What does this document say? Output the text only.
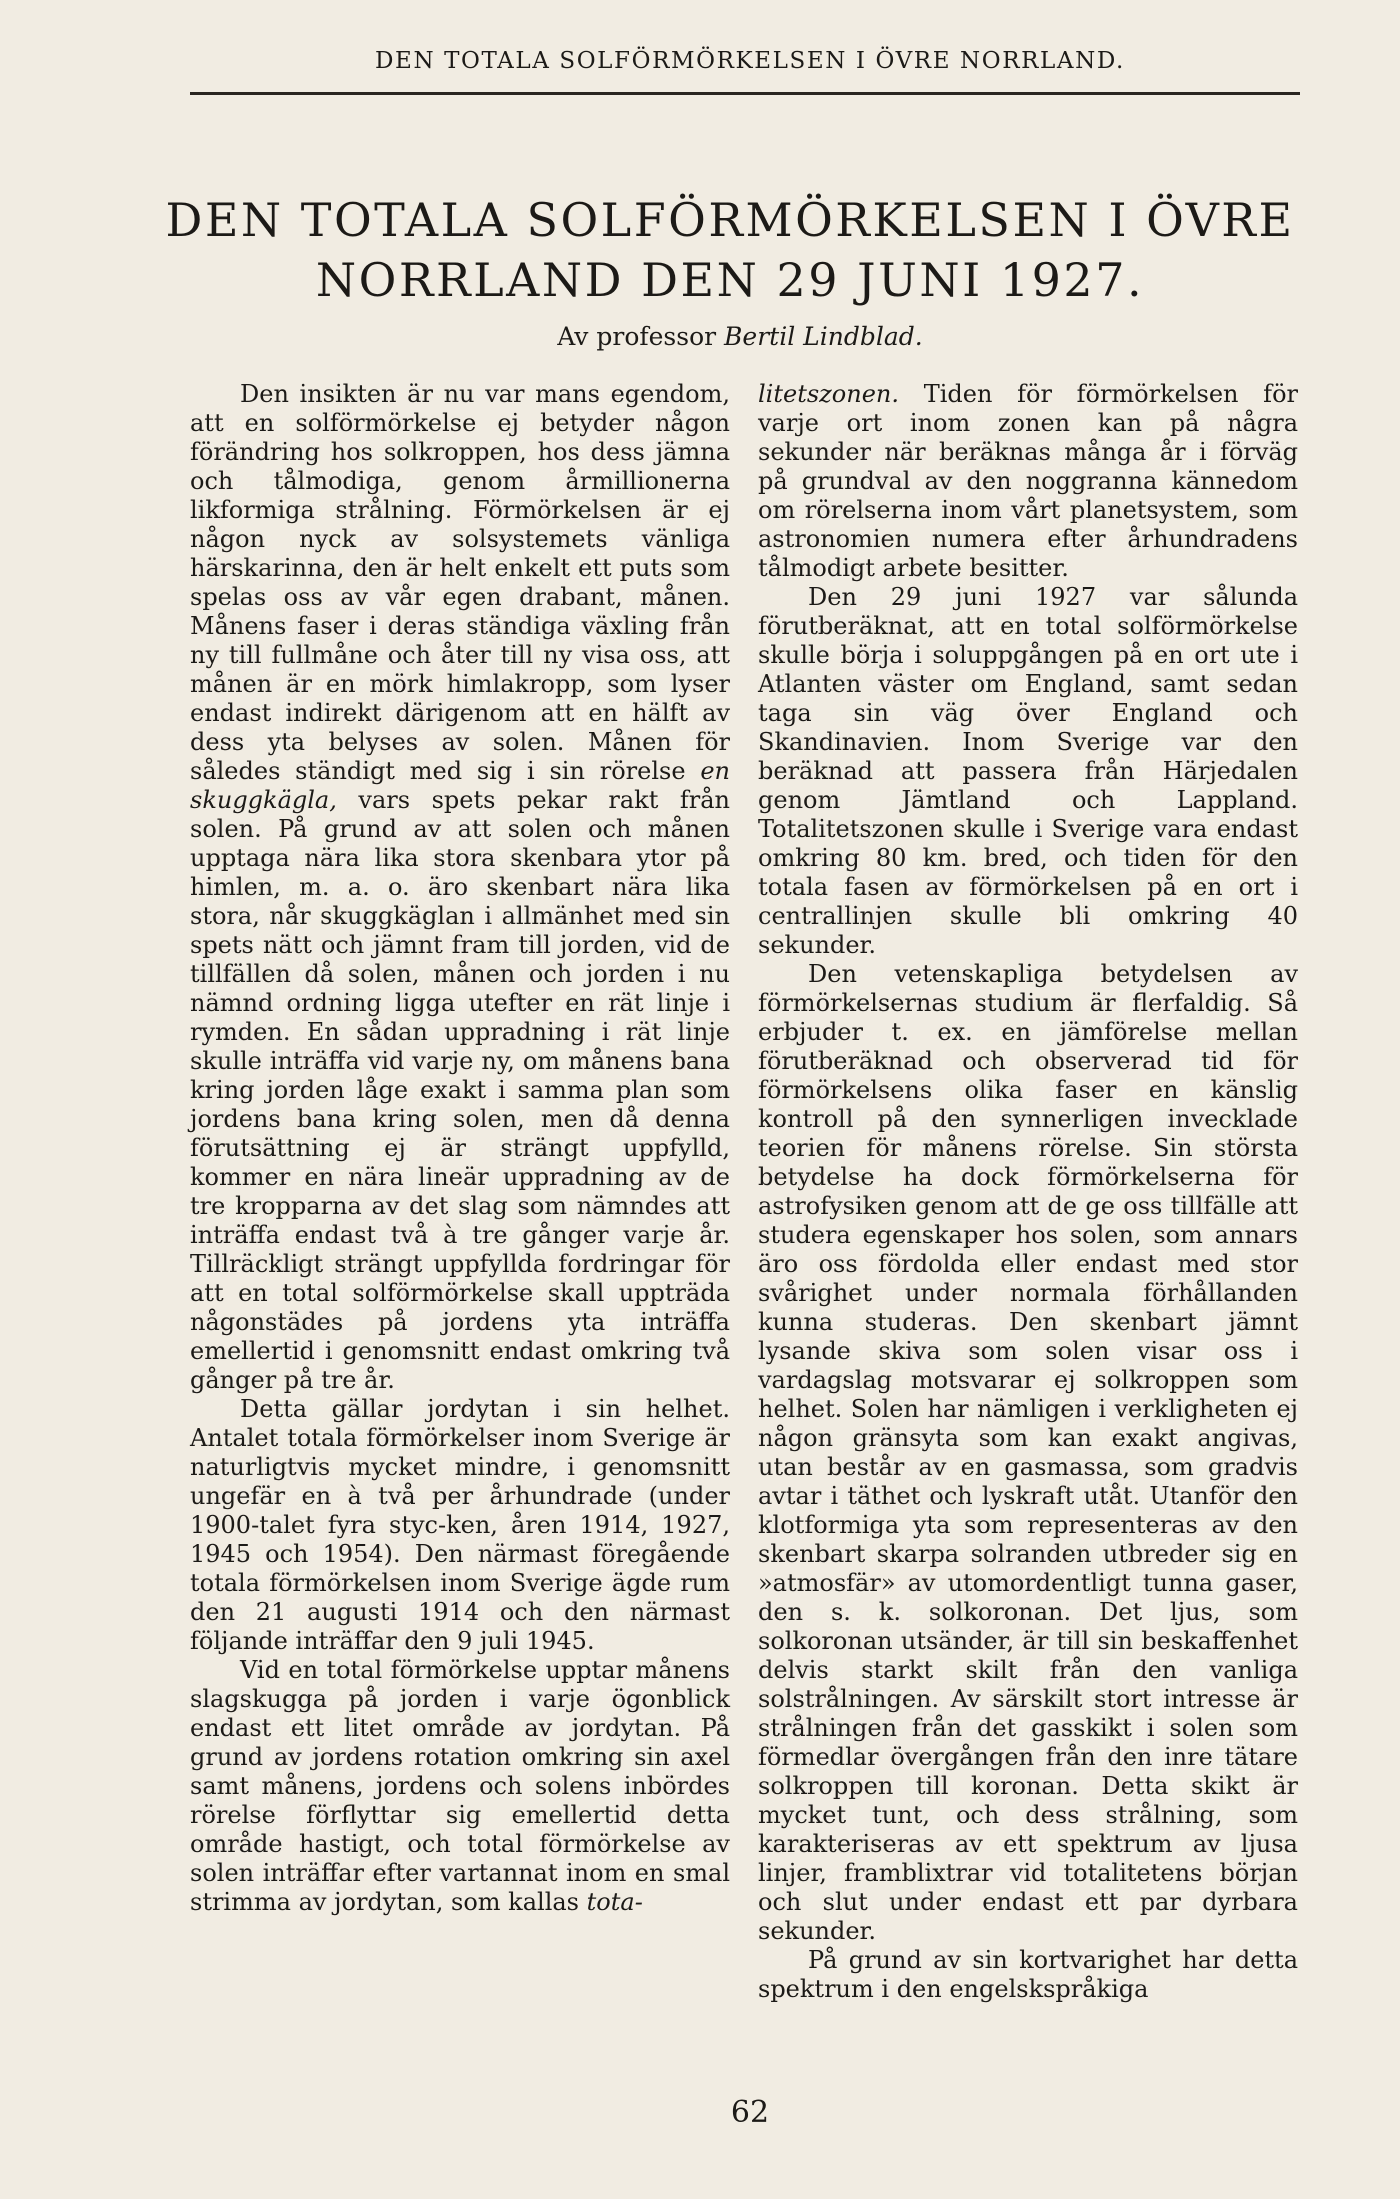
DEN TOTALA SOLFÖRMÖRKELSEN I ÖVRE NORRLAND.
DEN TOTALA SOLFÖRMÖRKELSEN I ÖVRE
NORRLAND DEN 29 JUNI 1927.
Av professor Bertil Lindblad.

Den insikten är nu var mans egendom, att en solförmörkelse ej betyder någon förändring hos solkroppen, hos dess jämna och tålmodiga, genom årmillionerna likformiga strålning. Förmörkelsen är ej någon nyck av solsystemets vänliga härskarinna, den är helt enkelt ett puts som spelas oss av vår egen drabant, månen. Månens faser i deras ständiga växling från ny till fullmåne och åter till ny visa oss, att månen är en mörk himlakropp, som lyser endast indirekt därigenom att en hälft av dess yta belyses av solen. Månen för således ständigt med sig i sin rörelse en skuggkägla, vars spets pekar rakt från solen. På grund av att solen och månen upptaga nära lika stora skenbara ytor på himlen, m. a. o. äro skenbart nära lika stora, når skuggkäglan i allmänhet med sin spets nätt och jämnt fram till jorden, vid de tillfällen då solen, månen och jorden i nu nämnd ordning ligga utefter en rät linje i rymden. En sådan uppradning i rät linje skulle inträffa vid varje ny, om månens bana kring jorden låge exakt i samma plan som jordens bana kring solen, men då denna förutsättning ej är strängt uppfylld, kommer en nära lineär uppradning av de tre kropparna av det slag som nämndes att inträffa endast två à tre gånger varje år. Tillräckligt strängt uppfyllda fordringar för att en total solförmörkelse skall uppträda någonstädes på jordens yta inträffa emellertid i genomsnitt endast omkring två gånger på tre år.

Detta gällar jordytan i sin helhet. Antalet totala förmörkelser inom Sverige är naturligtvis mycket mindre, i genomsnitt ungefär en à två per århundrade (under 1900-talet fyra styc-ken, åren 1914, 1927, 1945 och 1954). Den närmast föregående totala förmörkelsen inom Sverige ägde rum den 21 augusti 1914 och den närmast följande inträffar den 9 juli 1945.

Vid en total förmörkelse upptar månens slagskugga på jorden i varje ögonblick endast ett litet område av jordytan. På grund av jordens rotation omkring sin axel samt månens, jordens och solens inbördes rörelse förflyttar sig emellertid detta område hastigt, och total förmörkelse av solen inträffar efter vartannat inom en smal strimma av jordytan, som kallas tota-

litetszonen. Tiden för förmörkelsen för varje ort inom zonen kan på några sekunder när beräknas många år i förväg på grundval av den noggranna kännedom om rörelserna inom vårt planetsystem, som astronomien numera efter århundradens tålmodigt arbete besitter.

Den 29 juni 1927 var sålunda förutberäknat, att en total solförmörkelse skulle börja i soluppgången på en ort ute i Atlanten väster om England, samt sedan taga sin väg över England och Skandinavien. Inom Sverige var den beräknad att passera från Härjedalen genom Jämtland och Lappland. Totalitetszonen skulle i Sverige vara endast omkring 80 km. bred, och tiden för den totala fasen av förmörkelsen på en ort i centrallinjen skulle bli omkring 40 sekunder.

Den vetenskapliga betydelsen av förmörkelsernas studium är flerfaldig. Så erbjuder t. ex. en jämförelse mellan förutberäknad och observerad tid för förmörkelsens olika faser en känslig kontroll på den synnerligen invecklade teorien för månens rörelse. Sin största betydelse ha dock förmörkelserna för astrofysiken genom att de ge oss tillfälle att studera egenskaper hos solen, som annars äro oss fördolda eller endast med stor svårighet under normala förhållanden kunna studeras. Den skenbart jämnt lysande skiva som solen visar oss i vardagslag motsvarar ej solkroppen som helhet. Solen har nämligen i verkligheten ej någon gränsyta som kan exakt angivas, utan består av en gasmassa, som gradvis avtar i täthet och lyskraft utåt. Utanför den klotformiga yta som representeras av den skenbart skarpa solranden utbreder sig en »atmosfär» av utomordentligt tunna gaser, den s. k. solkoronan. Det ljus, som solkoronan utsänder, är till sin beskaffenhet delvis starkt skilt från den vanliga solstrålningen. Av särskilt stort intresse är strålningen från det gasskikt i solen som förmedlar övergången från den inre tätare solkroppen till koronan. Detta skikt är mycket tunt, och dess strålning, som karakteriseras av ett spektrum av ljusa linjer, framblixtrar vid totalitetens början och slut under endast ett par dyrbara sekunder.

På grund av sin kortvarighet har detta spektrum i den engelskspråkiga

62
